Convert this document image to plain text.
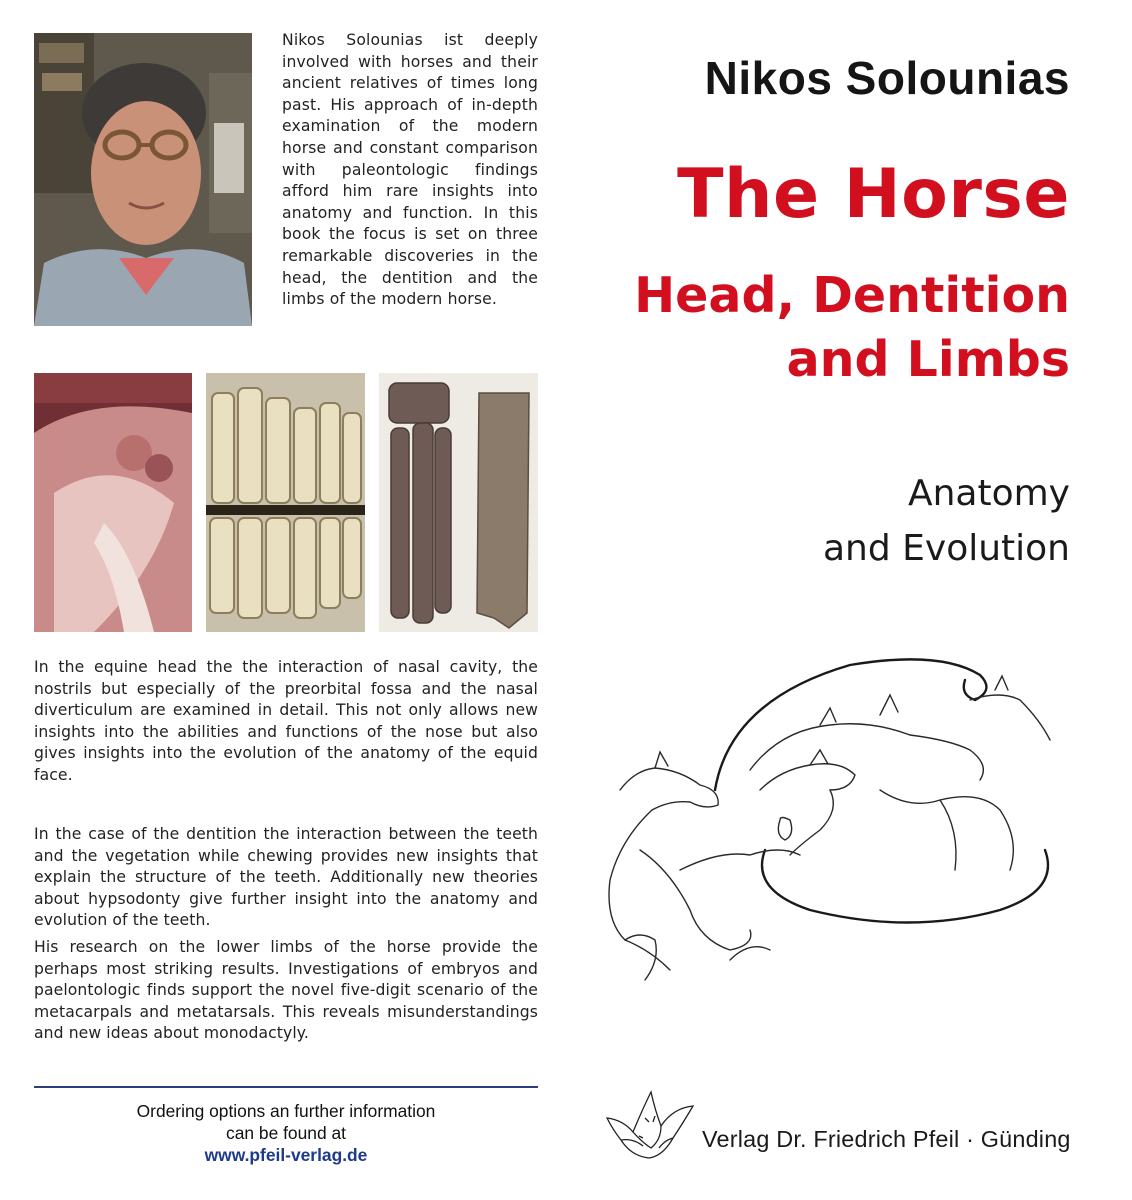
Nikos Solounias ist deeply involved with horses and their ancient relatives of times long past. His approach of in-depth examination of the modern horse and constant comparison with paleontologic findings afford him rare insights into anatomy and function. In this book the focus is set on three remarkable discoveries in the head, the dentition and the limbs of the modern horse.
In the equine head the the interaction of nasal cavity, the nostrils but especially of the preorbital fossa and the nasal diverticulum are examined in detail. This not only allows new insights into the abilities and functions of the nose but also gives insights into the evolution of the anatomy of the equid face.
In the case of the dentition the interaction between the teeth and the vegetation while chewing provides new insights that explain the structure of the teeth. Additionally new theories about hypsodonty give further insight into the anatomy and evolution of the teeth.
His research on the lower limbs of the horse provide the perhaps most striking results. Investigations of embryos and paelontologic finds support the novel five-digit scenario of the metacarpals and metatarsals. This reveals misunderstandings and new ideas about monodactyly.
Ordering options an further information
can be found at
www.pfeil-verlag.de
Nikos Solounias
The Horse
Head, Dentition
and Limbs
Anatomy
and Evolution
Verlag Dr. Friedrich Pfeil · Günding
